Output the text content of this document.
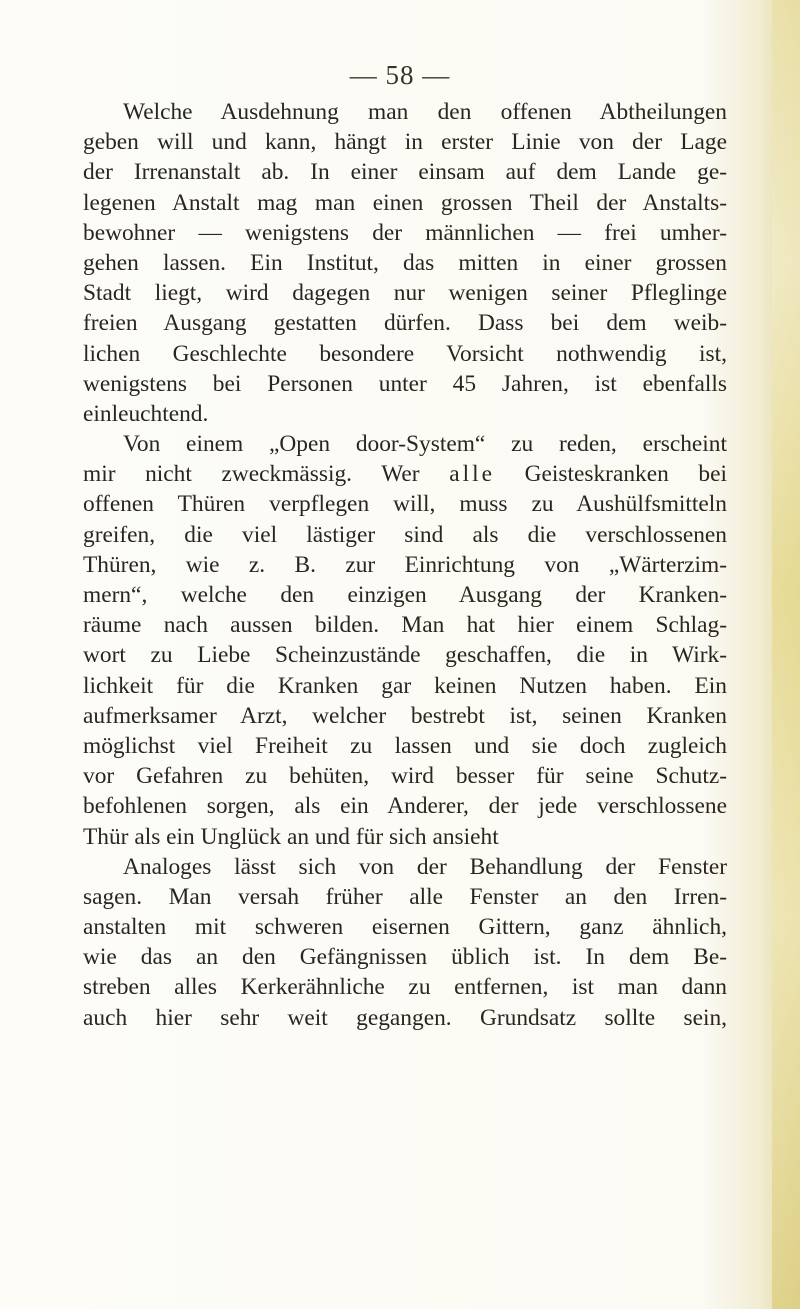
— 58 —
Welche Ausdehnung man den offenen Abtheilungen
geben will und kann, hängt in erster Linie von der Lage
der Irrenanstalt ab. In einer einsam auf dem Lande ge-
legenen Anstalt mag man einen grossen Theil der Anstalts-
bewohner — wenigstens der männlichen — frei umher-
gehen lassen. Ein Institut, das mitten in einer grossen
Stadt liegt, wird dagegen nur wenigen seiner Pfleglinge
freien Ausgang gestatten dürfen. Dass bei dem weib-
lichen Geschlechte besondere Vorsicht nothwendig ist,
wenigstens bei Personen unter 45 Jahren, ist ebenfalls
einleuchtend.
Von einem „Open door-System“ zu reden, erscheint
mir nicht zweckmässig. Wer alle Geisteskranken bei
offenen Thüren verpflegen will, muss zu Aushülfsmitteln
greifen, die viel lästiger sind als die verschlossenen
Thüren, wie z. B. zur Einrichtung von „Wärterzim-
mern“, welche den einzigen Ausgang der Kranken-
räume nach aussen bilden. Man hat hier einem Schlag-
wort zu Liebe Scheinzustände geschaffen, die in Wirk-
lichkeit für die Kranken gar keinen Nutzen haben. Ein
aufmerksamer Arzt, welcher bestrebt ist, seinen Kranken
möglichst viel Freiheit zu lassen und sie doch zugleich
vor Gefahren zu behüten, wird besser für seine Schutz-
befohlenen sorgen, als ein Anderer, der jede verschlossene
Thür als ein Unglück an und für sich ansieht
Analoges lässt sich von der Behandlung der Fenster
sagen. Man versah früher alle Fenster an den Irren-
anstalten mit schweren eisernen Gittern, ganz ähnlich,
wie das an den Gefängnissen üblich ist. In dem Be-
streben alles Kerkerähnliche zu entfernen, ist man dann
auch hier sehr weit gegangen. Grundsatz sollte sein,
